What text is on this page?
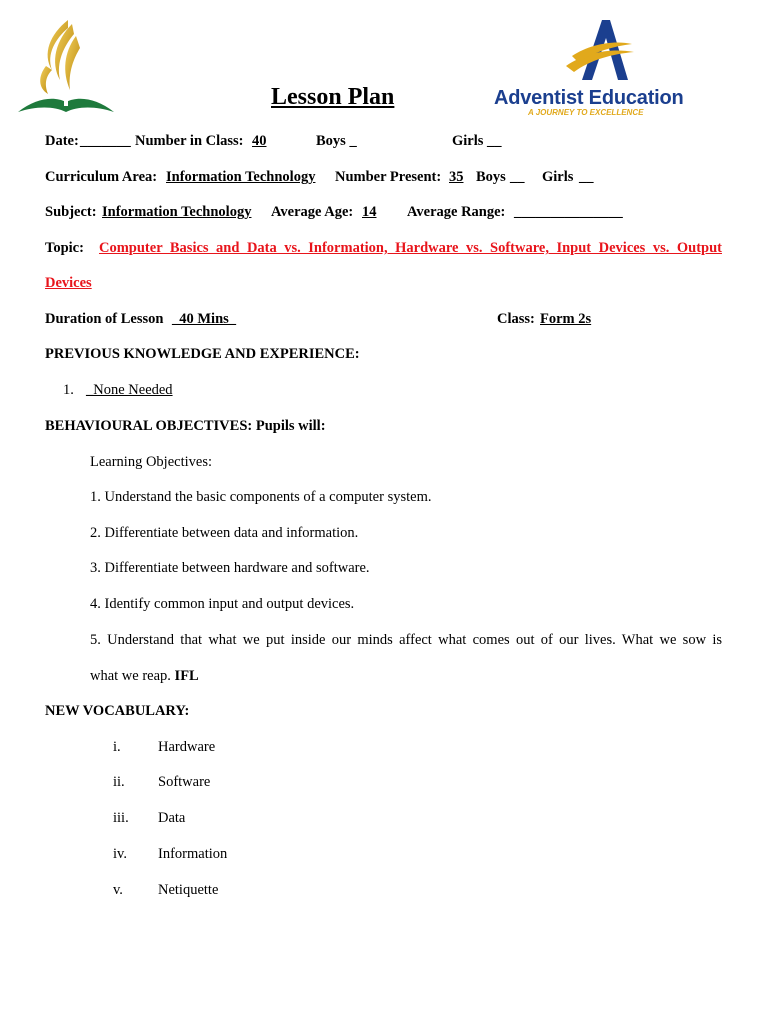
Adventist Education
A JOURNEY TO EXCELLENCE
Lesson Plan
Date: _______ Number in Class: 40	Boys _	Girls __
Curriculum Area: Information Technology Number Present: 35 Boys __ Girls __
Subject: Information Technology Average Age: 14 Average Range: _______________
Topic: Computer Basics and Data vs. Information, Hardware vs. Software, Input Devices vs. Output
Devices
Duration of Lesson _40 Mins_	Class: Form 2s
PREVIOUS KNOWLEDGE AND EXPERIENCE:
1. _None Needed
BEHAVIOURAL OBJECTIVES: Pupils will:
Learning Objectives:
1. Understand the basic components of a computer system.
2. Differentiate between data and information.
3. Differentiate between hardware and software.
4. Identify common input and output devices.
5. Understand that what we put inside our minds affect what comes out of our lives. What we sow is
what we reap. IFL
NEW VOCABULARY:
i.	Hardware
ii. Software
iii. Data
iv. Information
v. Netiquette
